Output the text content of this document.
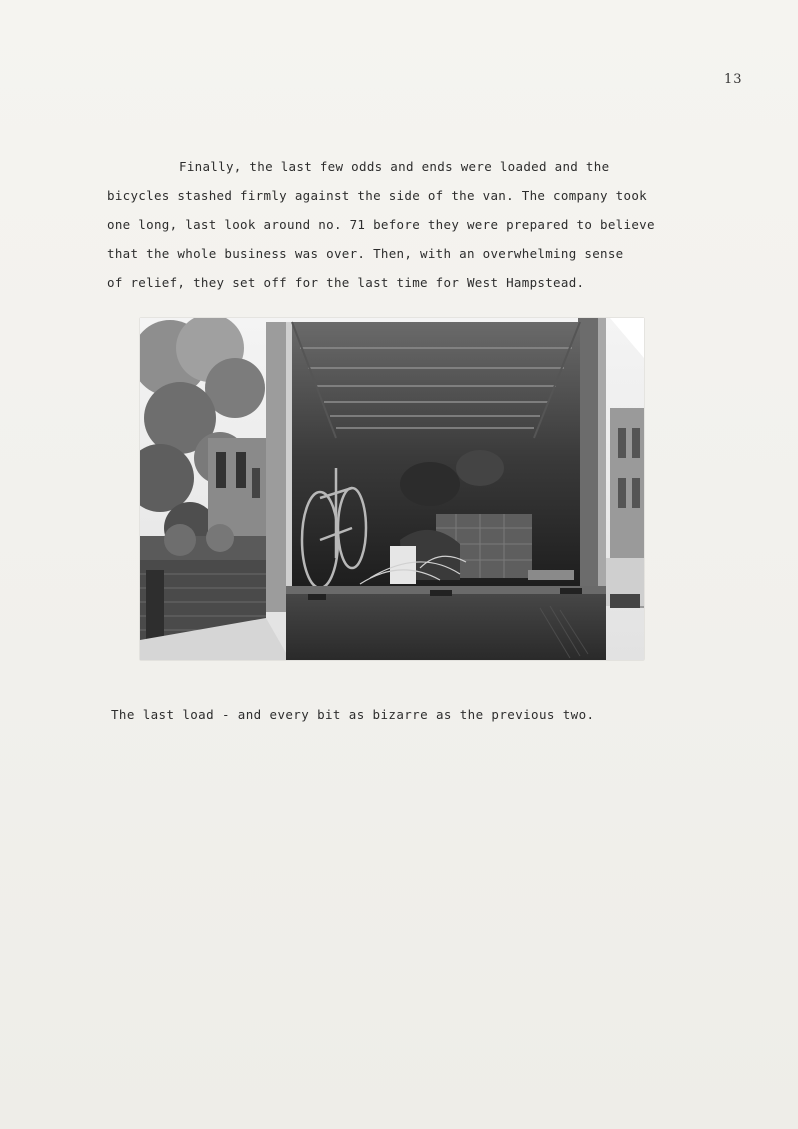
13
Finally, the last few odds and ends were loaded and the
bicycles stashed firmly against the side of the van. The company took
one long, last look around no. 71 before they were prepared to believe
that the whole business was over. Then, with an overwhelming sense
of relief, they set off for the last time for West Hampstead.
The last load - and every bit as bizarre as the previous two.
